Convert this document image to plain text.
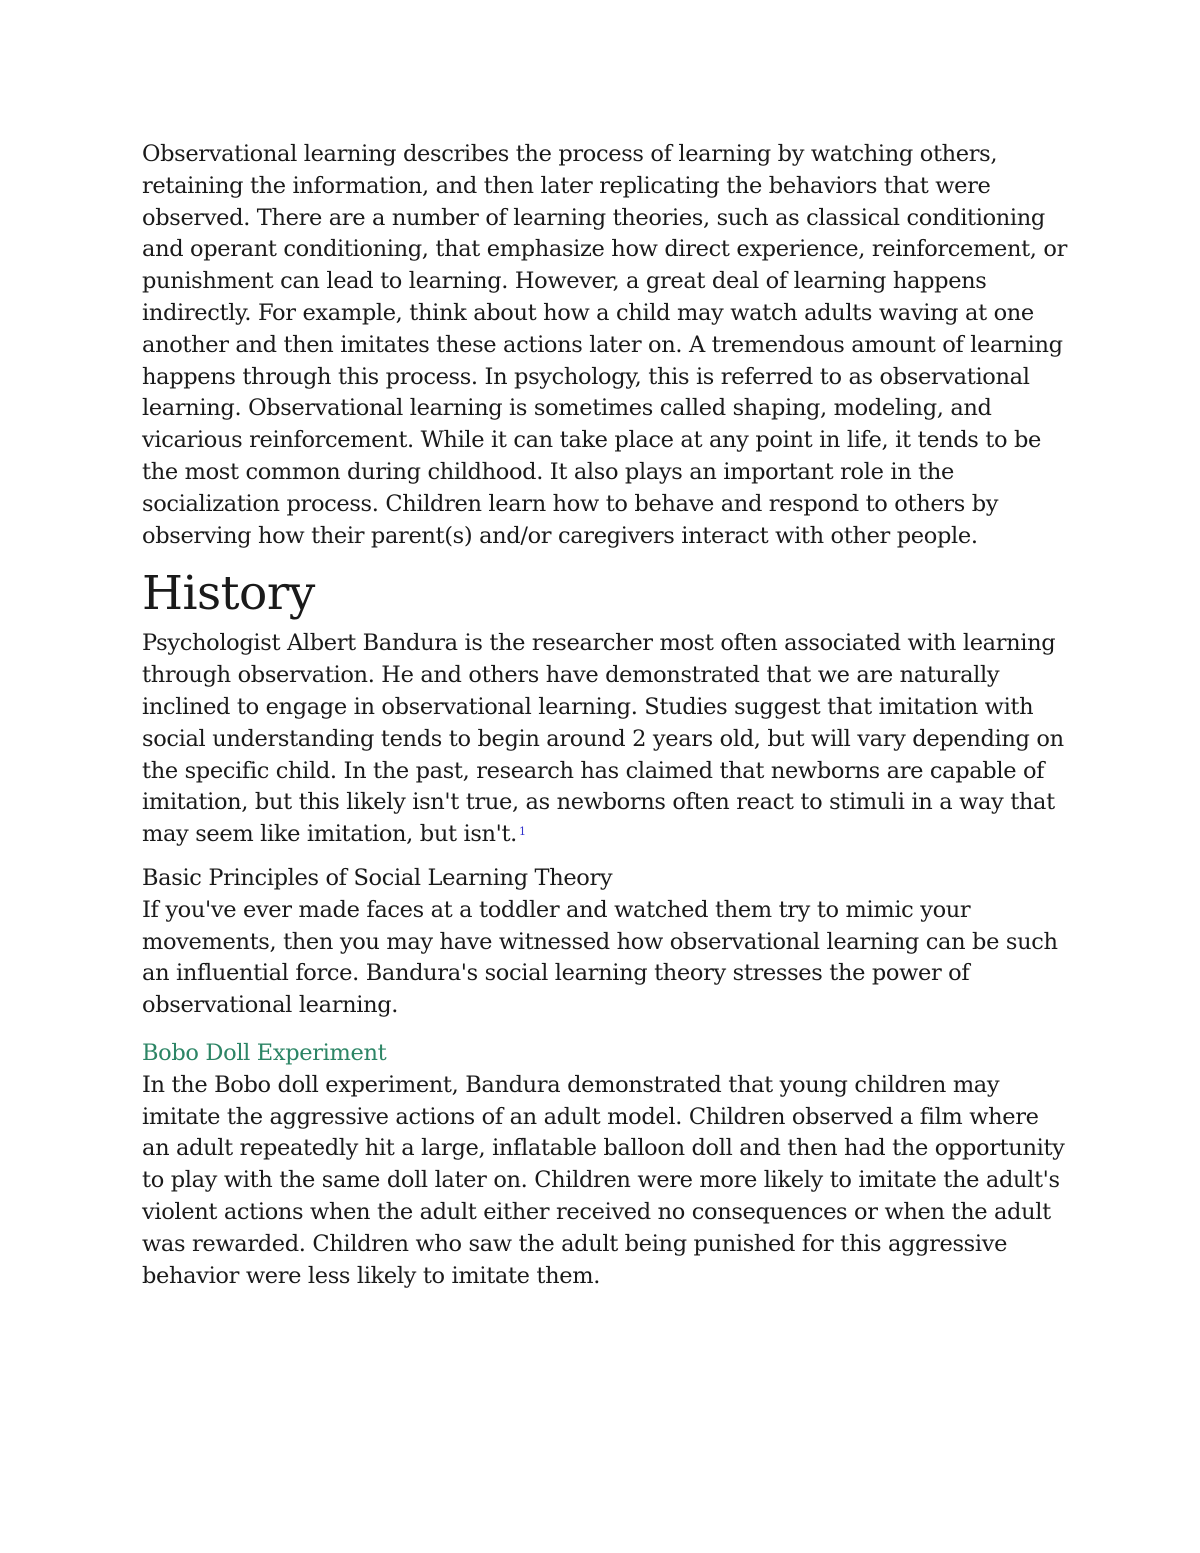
Observational learning describes the process of learning by watching others, retaining the information, and then later replicating the behaviors that were observed. There are a number of learning theories, such as classical conditioning and operant conditioning, that emphasize how direct experience, reinforcement, or punishment can lead to learning. However, a great deal of learning happens indirectly. For example, think about how a child may watch adults waving at one another and then imitates these actions later on. A tremendous amount of learning happens through this process. In psychology, this is referred to as observational learning. Observational learning is sometimes called shaping, modeling, and vicarious reinforcement. While it can take place at any point in life, it tends to be the most common during childhood. It also plays an important role in the socialization process. Children learn how to behave and respond to others by observing how their parent(s) and/or caregivers interact with other people.

History

Psychologist Albert Bandura is the researcher most often associated with learning through observation. He and others have demonstrated that we are naturally inclined to engage in observational learning. Studies suggest that imitation with social understanding tends to begin around 2 years old, but will vary depending on the specific child. In the past, research has claimed that newborns are capable of imitation, but this likely isn't true, as newborns often react to stimuli in a way that may seem like imitation, but isn't. $^1$

Basic Principles of Social Learning Theory

If you've ever made faces at a toddler and watched them try to mimic your movements, then you may have witnessed how observational learning can be such an influential force. Bandura's social learning theory stresses the power of observational learning.

Bobo Doll Experiment

In the Bobo doll experiment, Bandura demonstrated that young children may imitate the aggressive actions of an adult model. Children observed a film where an adult repeatedly hit a large, inflatable balloon doll and then had the opportunity to play with the same doll later on. Children were more likely to imitate the adult's violent actions when the adult either received no consequences or when the adult was rewarded. Children who saw the adult being punished for this aggressive behavior were less likely to imitate them.
